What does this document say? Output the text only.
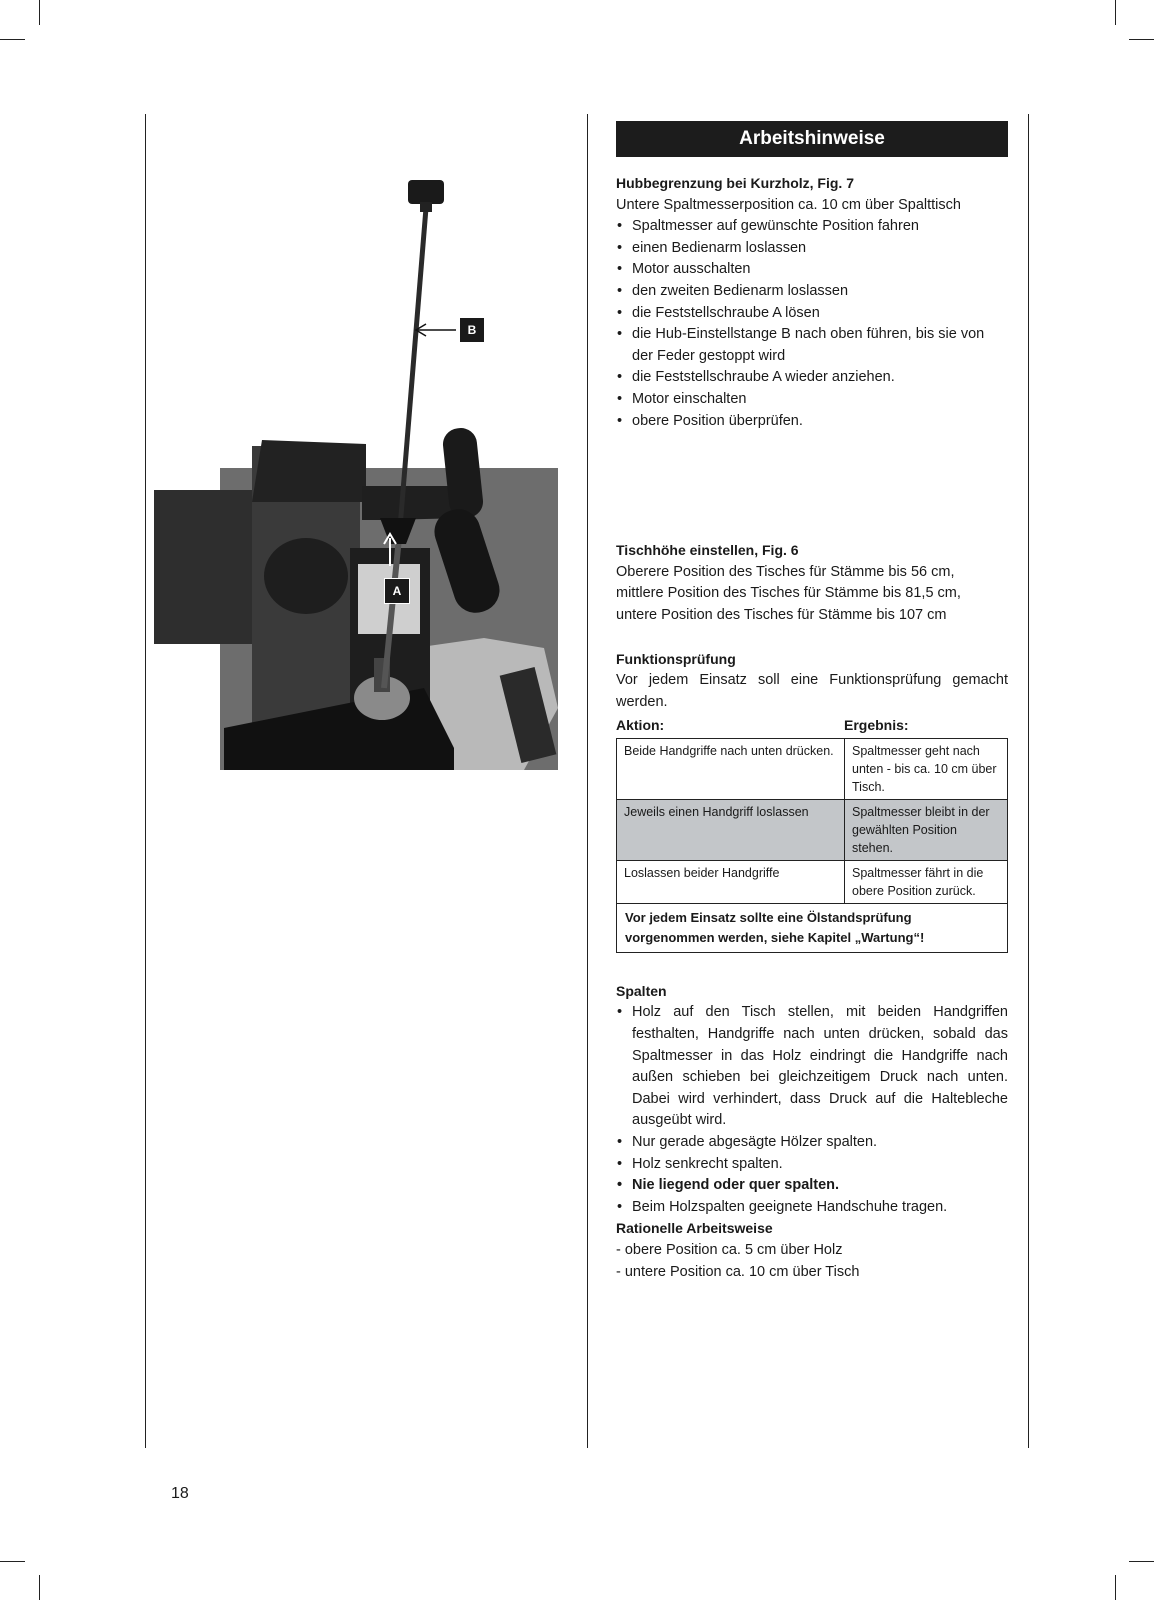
B
A
Arbeitshinweise
Hubbegrenzung bei Kurzholz, Fig. 7

Untere Spaltmesserposition ca. 10 cm über Spalttisch

• Spaltmesser auf gewünschte Position fahren
• einen Bedienarm loslassen
• Motor ausschalten
• den zweiten Bedienarm loslassen
• die Feststellschraube A lösen
• die Hub-Einstellstange B nach oben führen, bis sie von der Feder gestoppt wird
• die Feststellschraube A wieder anziehen.
• Motor einschalten
• obere Position überprüfen.
Tischhöhe einstellen, Fig. 6

Oberere Position des Tisches für Stämme bis 56 cm,

mittlere Position des Tisches für Stämme bis 81,5 cm,

untere Position des Tisches für Stämme bis 107 cm

Funktionsprüfung

Vor jedem Einsatz soll eine Funktionsprüfung gemacht werden.

Aktion:	Ergebnis:
Beide Handgriffe nach unten drücken.	Spaltmesser geht nach unten - bis ca. 10 cm über Tisch.
Jeweils einen Handgriff loslassen	Spaltmesser bleibt in der gewählten Position stehen.
Loslassen beider Handgriffe	Spaltmesser fährt in die obere Position zurück.
Vor jedem Einsatz sollte eine Ölstandsprüfung vorgenommen werden, siehe Kapitel „Wartung“!
Spalten
• Holz auf den Tisch stellen, mit beiden Handgriffen festhalten, Handgriffe nach unten drücken, sobald das Spaltmesser in das Holz eindringt die Handgriffe nach außen schieben bei gleichzeitigem Druck nach unten. Dabei wird verhindert, dass Druck auf die Haltebleche ausgeübt wird.
• Nur gerade abgesägte Hölzer spalten.
• Holz senkrecht spalten.
• Nie liegend oder quer spalten.
• Beim Holzspalten geeignete Handschuhe tragen.
Rationelle Arbeitsweise

- obere Position ca. 5 cm über Holz

- untere Position ca. 10 cm über Tisch

18
